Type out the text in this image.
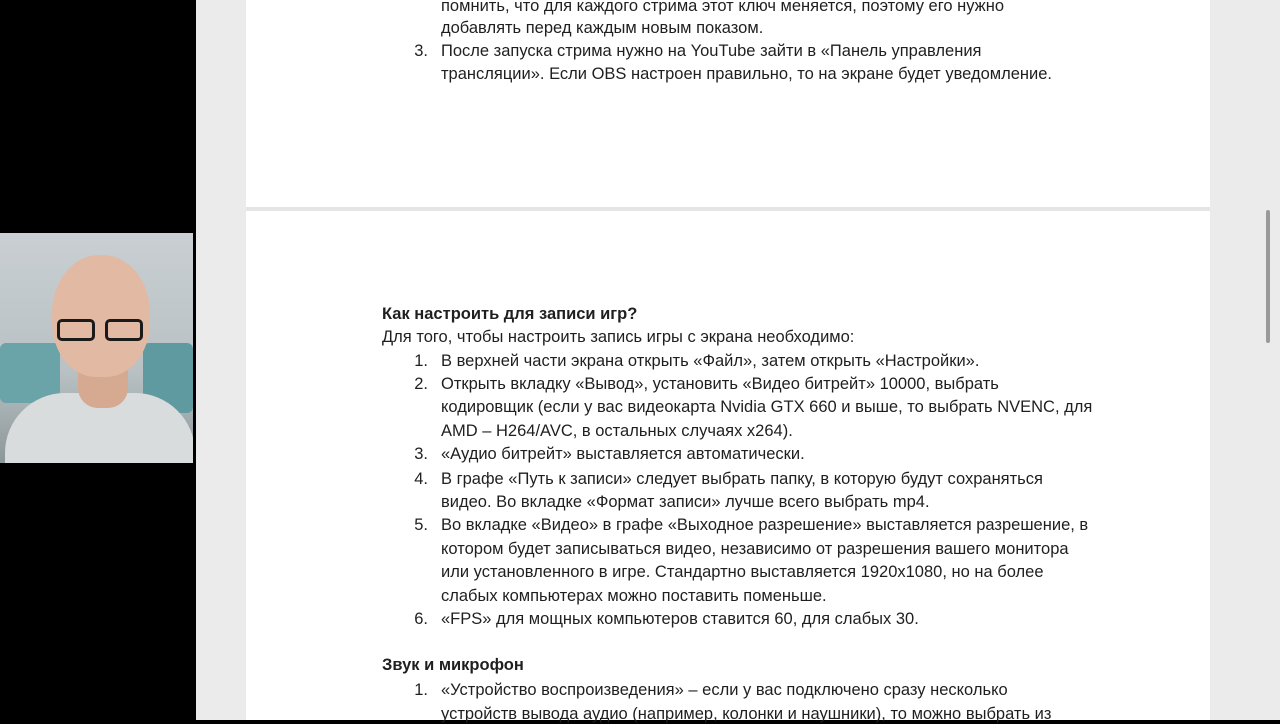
помнить, что для каждого стрима этот ключ меняется, поэтому его нужно
добавлять перед каждым новым показом.
3. После запуска стрима нужно на YouTube зайти в «Панель управления
трансляции». Если OBS настроен правильно, то на экране будет уведомление.
Как настроить для записи игр?
Для того, чтобы настроить запись игры с экрана необходимо:
1. В верхней части экрана открыть «Файл», затем открыть «Настройки».
2. Открыть вкладку «Вывод», установить «Видео битрейт» 10000, выбрать
кодировщик (если у вас видеокарта Nvidia GTX 660 и выше, то выбрать NVENC, для
AMD – H264/AVC, в остальных случаях x264).
3. «Аудио битрейт» выставляется автоматически.
4. В графе «Путь к записи» следует выбрать папку, в которую будут сохраняться
видео. Во вкладке «Формат записи» лучше всего выбрать mp4.
5. Во вкладке «Видео» в графе «Выходное разрешение» выставляется разрешение, в
котором будет записываться видео, независимо от разрешения вашего монитора
или установленного в игре. Стандартно выставляется 1920x1080, но на более
слабых компьютерах можно поставить поменьше.
6. «FPS» для мощных компьютеров ставится 60, для слабых 30.
Звук и микрофон
1. «Устройство воспроизведения» – если у вас подключено сразу несколько
устройств вывода аудио (например, колонки и наушники), то можно выбрать из
